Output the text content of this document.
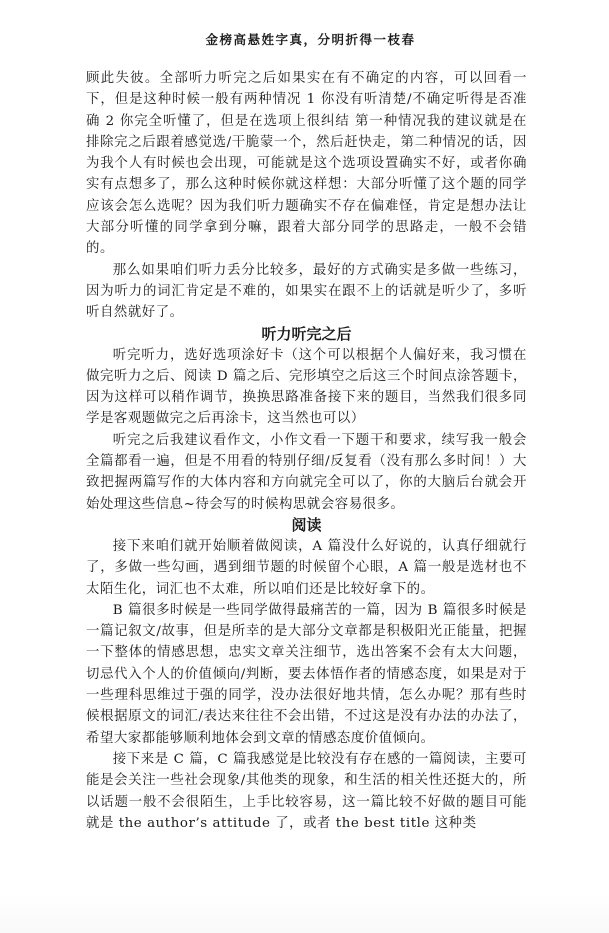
金榜高悬姓字真，分明折得一枝春

顾此失彼。全部听力听完之后如果实在有不确定的内容，可以回看一下，但是这种时候一般有两种情况 1 你没有听清楚/不确定听得是否准确 2 你完全听懂了，但是在选项上很纠结 第一种情况我的建议就是在排除完之后跟着感觉选/干脆蒙一个，然后赶快走，第二种情况的话，因为我个人有时候也会出现，可能就是这个选项设置确实不好，或者你确实有点想多了，那么这种时候你就这样想：大部分听懂了这个题的同学应该会怎么选呢？因为我们听力题确实不存在偏难怪，肯定是想办法让大部分听懂的同学拿到分嘛，跟着大部分同学的思路走，一般不会错的。

那么如果咱们听力丢分比较多，最好的方式确实是多做一些练习，因为听力的词汇肯定是不难的，如果实在跟不上的话就是听少了，多听听自然就好了。

听力听完之后

听完听力，选好选项涂好卡（这个可以根据个人偏好来，我习惯在做完听力之后、阅读 D 篇之后、完形填空之后这三个时间点涂答题卡，因为这样可以稍作调节，换换思路准备接下来的题目，当然我们很多同学是客观题做完之后再涂卡，这当然也可以）

听完之后我建议看作文，小作文看一下题干和要求，续写我一般会全篇都看一遍，但是不用看的特别仔细/反复看（没有那么多时间！）大致把握两篇写作的大体内容和方向就完全可以了，你的大脑后台就会开始处理这些信息~待会写的时候构思就会容易很多。

阅读

接下来咱们就开始顺着做阅读，A 篇没什么好说的，认真仔细就行了，多做一些勾画，遇到细节题的时候留个心眼，A 篇一般是选材也不太陌生化，词汇也不太难，所以咱们还是比较好拿下的。

B 篇很多时候是一些同学做得最痛苦的一篇，因为 B 篇很多时候是一篇记叙文/故事，但是所幸的是大部分文章都是积极阳光正能量，把握一下整体的情感思想，忠实文章关注细节，选出答案不会有太大问题，切忌代入个人的价值倾向/判断，要去体悟作者的情感态度，如果是对于一些理科思维过于强的同学，没办法很好地共情，怎么办呢？那有些时候根据原文的词汇/表达来往往不会出错，不过这是没有办法的办法了，希望大家都能够顺利地体会到文章的情感态度价值倾向。

接下来是 C 篇，C 篇我感觉是比较没有存在感的一篇阅读，主要可能是会关注一些社会现象/其他类的现象，和生活的相关性还挺大的，所以话题一般不会很陌生，上手比较容易，这一篇比较不好做的题目可能就是 the author’s attitude 了，或者 the best title 这种类
